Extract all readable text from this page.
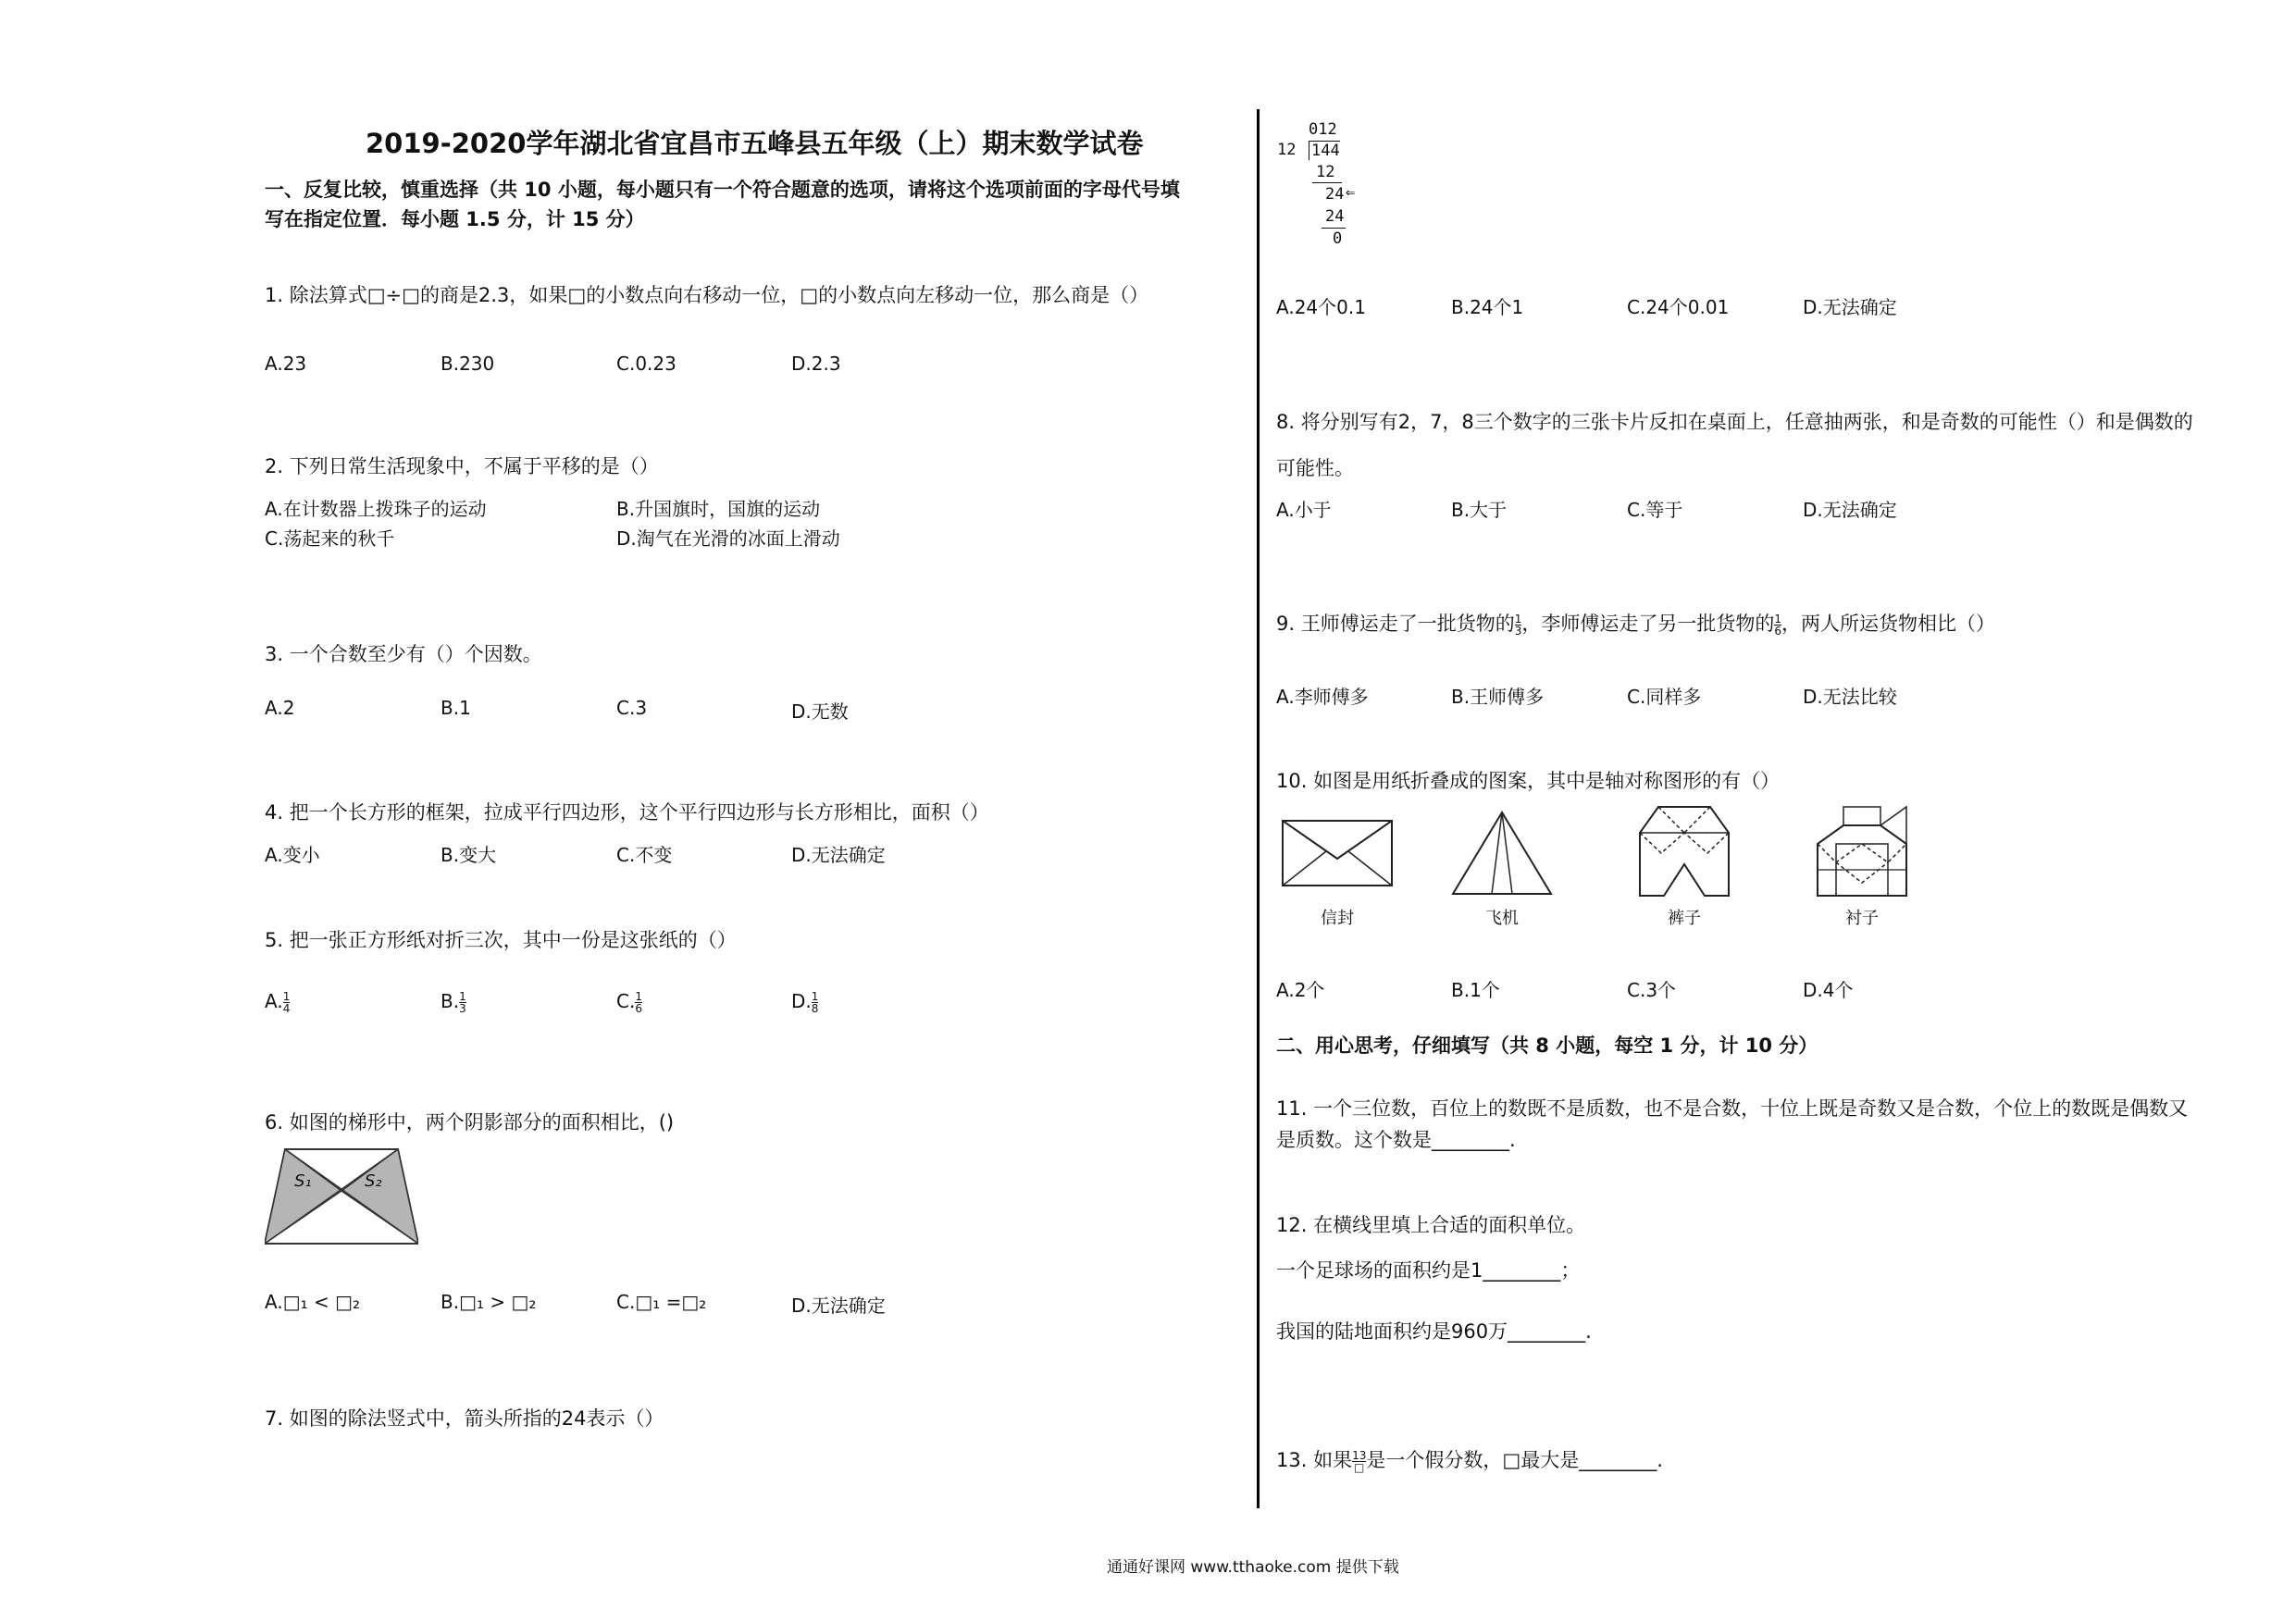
2019-2020学年湖北省宜昌市五峰县五年级（上）期末数学试卷
一、反复比较，慎重选择（共 10 小题，每小题只有一个符合题意的选项，请将这个选项前面的字母代号填
写在指定位置．每小题 1.5 分，计 15 分）
1. 除法算式□÷□的商是2.3，如果□的小数点向右移动一位，□的小数点向左移动一位，那么商是（）
A.23	B.230	C.0.23	D.2.3
2. 下列日常生活现象中，不属于平移的是（）
A.在计数器上拨珠子的运动	B.升国旗时，国旗的运动
C.荡起来的秋千	D.淘气在光滑的冰面上滑动
3. 一个合数至少有（）个因数。
A.2	B.1	C.3	D.无数
4. 把一个长方形的框架，拉成平行四边形，这个平行四边形与长方形相比，面积（）
A.变小	B.变大	C.不变	D.无法确定
5. 把一张正方形纸对折三次，其中一份是这张纸的（）
A. $\frac{1}{4}$	B. $\frac{1}{3}$	C. $\frac{1}{6}$	D. $\frac{1}{8}$
6. 如图的梯形中，两个阴影部分的面积相比，()
S₁	S₂
A.□₁ < □₂	B.□₁ > □₂	C.□₁ =□₂	D.无法确定
7. 如图的除法竖式中，箭头所指的24表示（）
012
12 144
12
24 ⇐
24
0
A.24个0.1	B.24个1	C.24个0.01	D.无法确定
8. 将分别写有2，7，8三个数字的三张卡片反扣在桌面上，任意抽两张，和是奇数的可能性（）和是偶数的
可能性。
A.小于	B.大于	C.等于	D.无法确定
9. 王师傅运走了一批货物的 $\frac{1}{3}$ ，李师傅运走了另一批货物的 $\frac{1}{6}$ ，两人所运货物相比（）
A.李师傅多	B.王师傅多	C.同样多	D.无法比较
10. 如图是用纸折叠成的图案，其中是轴对称图形的有（）
信封	飞机	裤子	衬子
A.2个	B.1个	C.3个	D.4个
二、用心思考，仔细填写（共 8 小题，每空 1 分，计 10 分）
11. 一个三位数，百位上的数既不是质数，也不是合数，十位上既是奇数又是合数，个位上的数既是偶数又
是质数。这个数是________.
12. 在横线里填上合适的面积单位。
一个足球场的面积约是1________；
我国的陆地面积约是960万________.
13. 如果 $\frac{13}{□}$ 是一个假分数，□最大是________.
通通好课网 www.tthaoke.com 提供下载
